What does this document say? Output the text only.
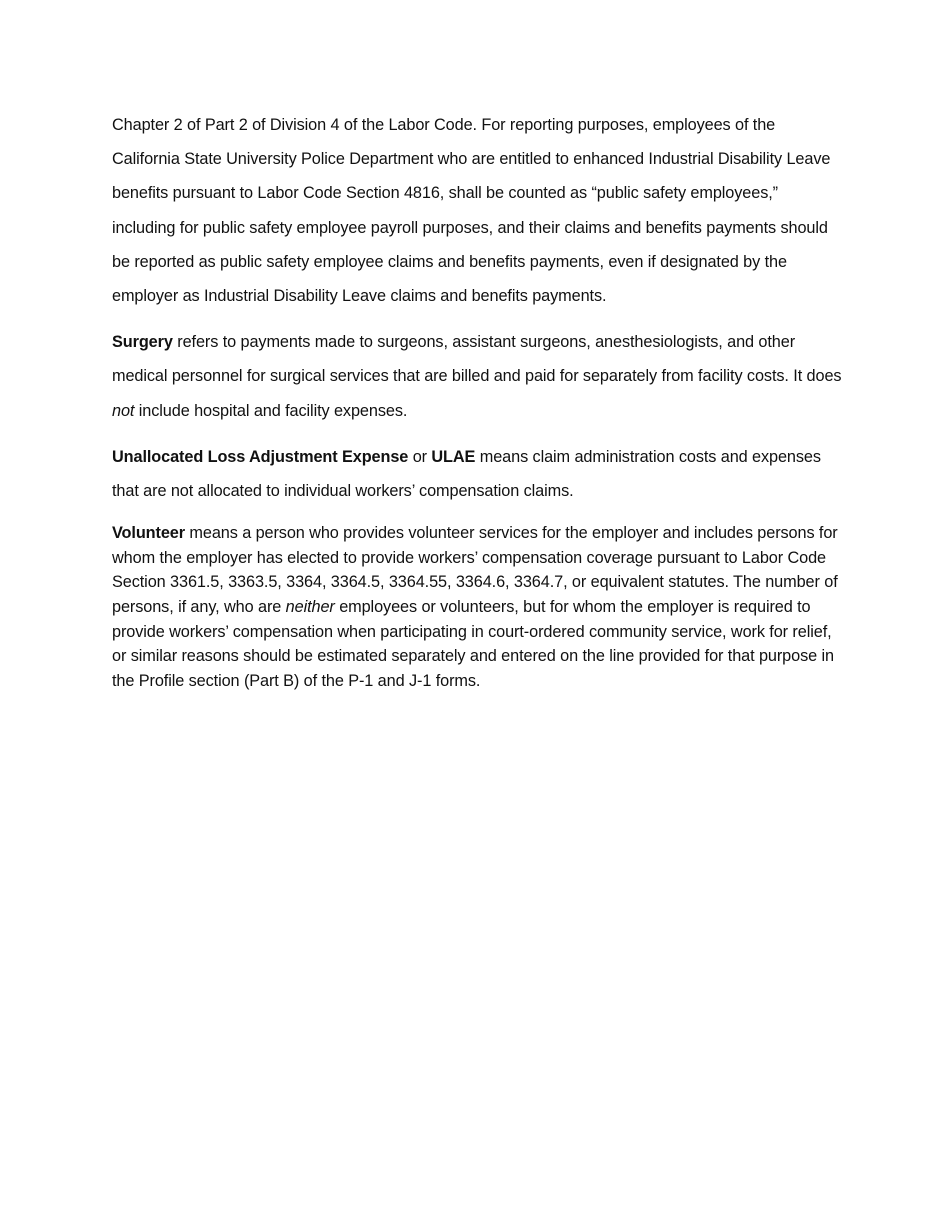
Chapter 2 of Part 2 of Division 4 of the Labor Code. For reporting purposes, employees of the California State University Police Department who are entitled to enhanced Industrial Disability Leave benefits pursuant to Labor Code Section 4816, shall be counted as “public safety employees,” including for public safety employee payroll purposes, and their claims and benefits payments should be reported as public safety employee claims and benefits payments, even if designated by the employer as Industrial Disability Leave claims and benefits payments.

Surgery refers to payments made to surgeons, assistant surgeons, anesthesiologists, and other medical personnel for surgical services that are billed and paid for separately from facility costs. It does not include hospital and facility expenses.

Unallocated Loss Adjustment Expense or ULAE means claim administration costs and expenses that are not allocated to individual workers’ compensation claims.

Volunteer means a person who provides volunteer services for the employer and includes persons for whom the employer has elected to provide workers’ compensation coverage pursuant to Labor Code Section 3361.5, 3363.5, 3364, 3364.5, 3364.55, 3364.6, 3364.7, or equivalent statutes. The number of persons, if any, who are neither employees or volunteers, but for whom the employer is required to provide workers’ compensation when participating in court-ordered community service, work for relief, or similar reasons should be estimated separately and entered on the line provided for that purpose in the Profile section (Part B) of the P-1 and J-1 forms.
